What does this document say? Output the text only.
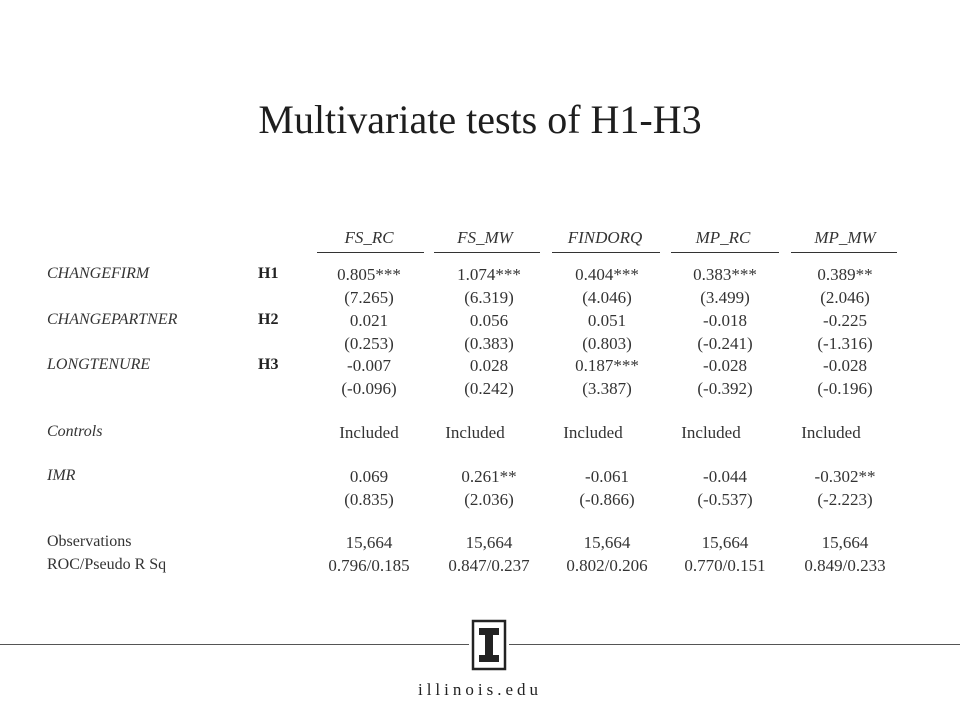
Multivariate tests of H1-H3
FS_RC	FS_MW	FINDORQ	MP_RC	MP_MW
CHANGEFIRM	H1	0.805***	1.074***	0.404***	0.383***	0.389**
(7.265)	(6.319)	(4.046)	(3.499)	(2.046)
CHANGEPARTNER	H2	0.021	0.056	0.051	-0.018	-0.225
(0.253)	(0.383)	(0.803)	(-0.241)	(-1.316)
LONGTENURE	H3	-0.007	0.028	0.187***	-0.028	-0.028
(-0.096)	(0.242)	(3.387)	(-0.392)	(-0.196)
Controls	Included	Included	Included	Included	Included
IMR	0.069	0.261**	-0.061	-0.044	-0.302**
(0.835)	(2.036)	(-0.866)	(-0.537)	(-2.223)
Observations	15,664	15,664	15,664	15,664	15,664
ROC/Pseudo R Sq	0.796/0.185	0.847/0.237	0.802/0.206	0.770/0.151	0.849/0.233
illinois.edu
